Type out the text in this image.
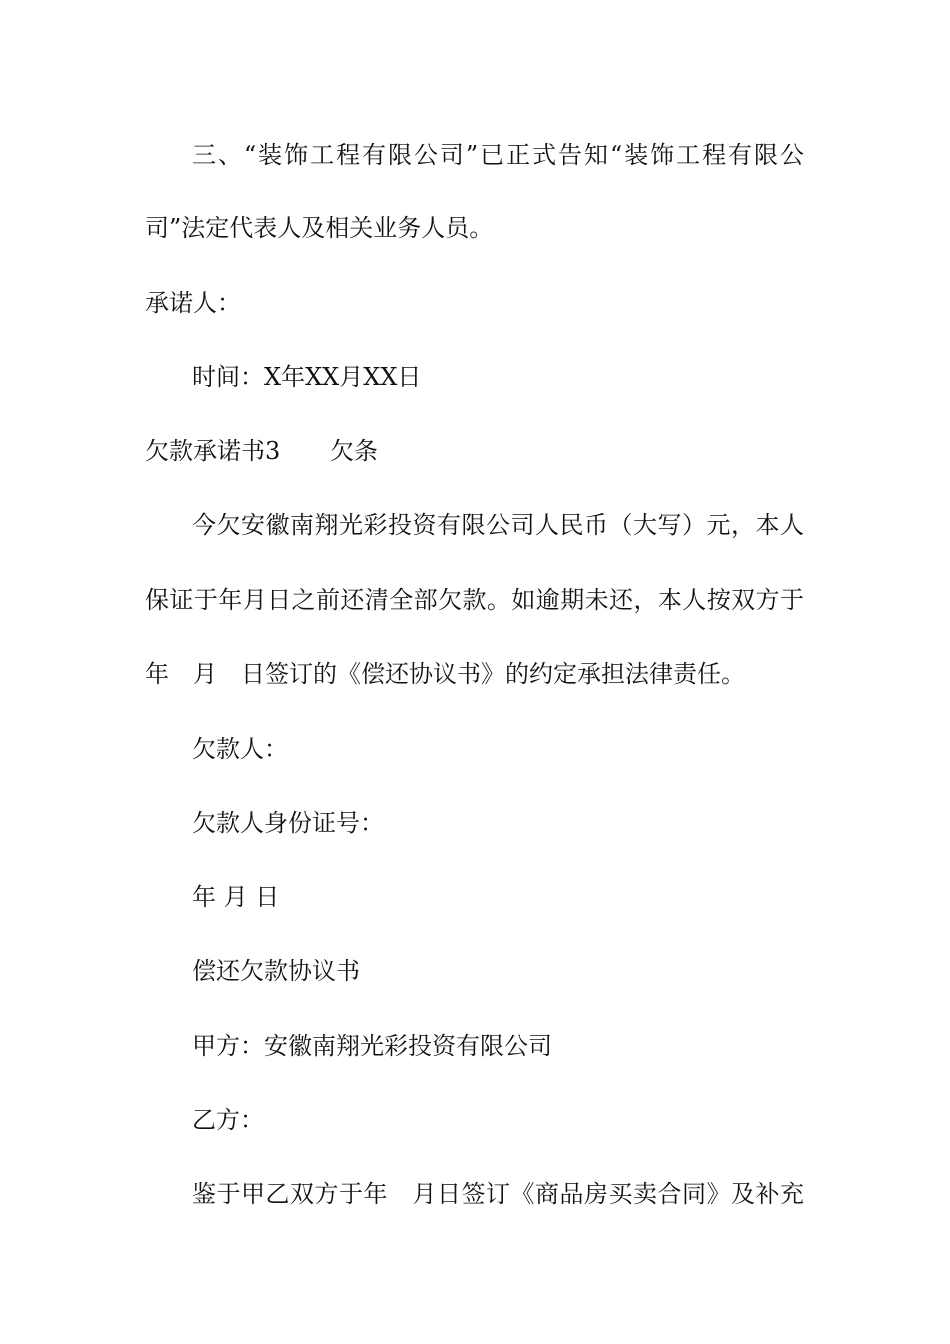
三、“装饰工程有限公司”已正式告知“装饰工程有限公

司”法定代表人及相关业务人员。

承诺人：

时间：X年XX月XX日

欠款承诺书3

欠条

今欠安徽南翔光彩投资有限公司人民币（大写）元，本人

保证于年月日之前还清全部欠款。如逾期未还，本人按双方于

年　月　日签订的《偿还协议书》的约定承担法律责任。

欠款人：

欠款人身份证号：

年 月 日

偿还欠款协议书

甲方：安徽南翔光彩投资有限公司

乙方：

鉴于甲乙双方于年　月日签订《商品房买卖合同》及补充
